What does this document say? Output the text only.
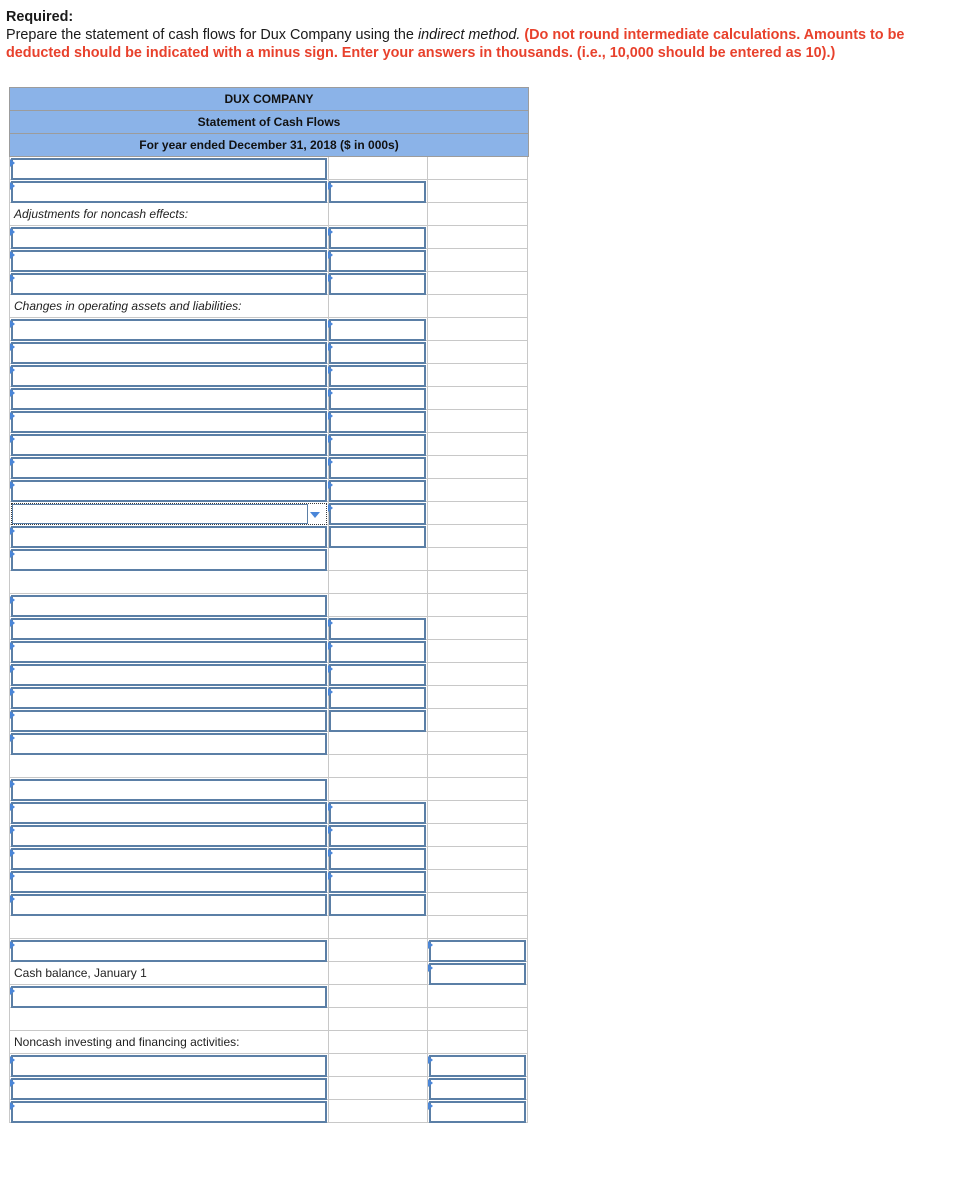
Required:
Prepare the statement of cash flows for Dux Company using the indirect method. (Do not round intermediate calculations. Amounts to be deducted should be indicated with a minus sign. Enter your answers in thousands. (i.e., 10,000 should be entered as 10).)
DUX COMPANY
Statement of Cash Flows
For year ended December 31, 2018 ($ in 000s)
Adjustments for noncash effects:
Changes in operating assets and liabilities:
Cash balance, January 1
Noncash investing and financing activities:
